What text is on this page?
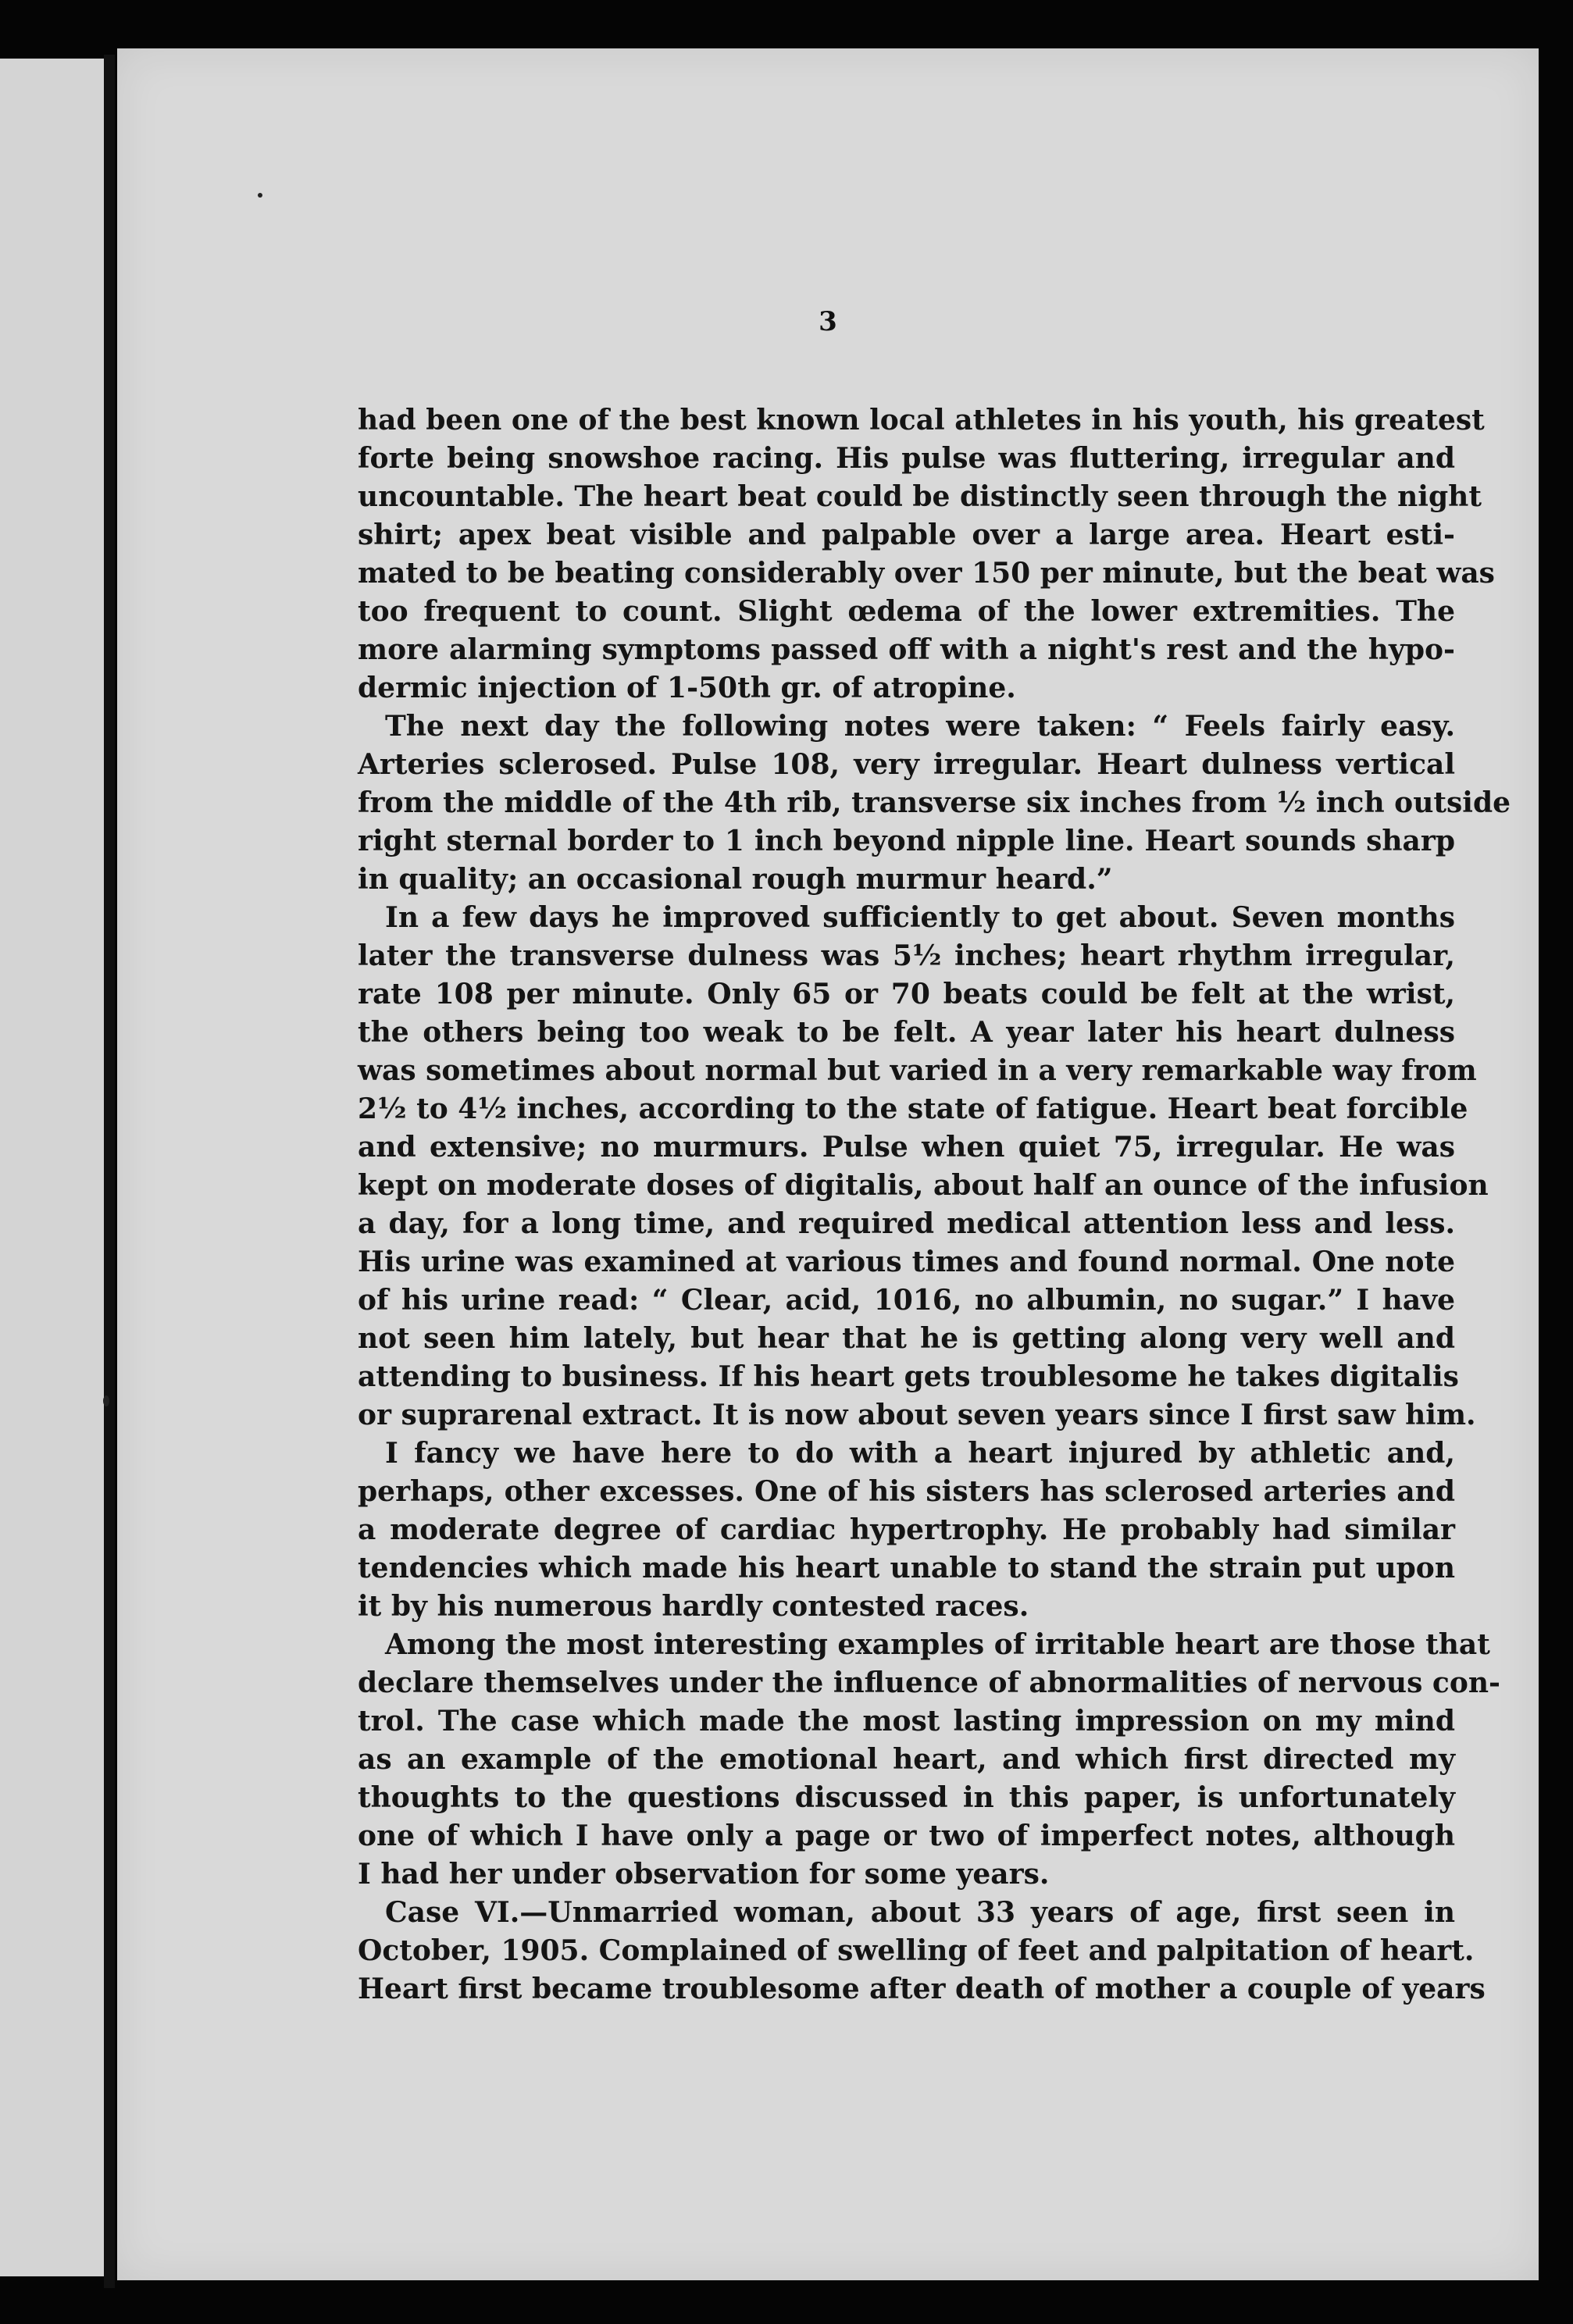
3
had been one of the best known local athletes in his youth, his greatest
forte being snowshoe racing. His pulse was fluttering, irregular and
uncountable. The heart beat could be distinctly seen through the night
shirt; apex beat visible and palpable over a large area. Heart esti-
mated to be beating considerably over 150 per minute, but the beat was
too frequent to count. Slight œdema of the lower extremities. The
more alarming symptoms passed off with a night's rest and the hypo-
dermic injection of 1-50th gr. of atropine.
The next day the following notes were taken: “ Feels fairly easy.
Arteries sclerosed. Pulse 108, very irregular. Heart dulness vertical
from the middle of the 4th rib, transverse six inches from ½ inch outside
right sternal border to 1 inch beyond nipple line. Heart sounds sharp
in quality; an occasional rough murmur heard.”
In a few days he improved sufficiently to get about. Seven months
later the transverse dulness was 5½ inches; heart rhythm irregular,
rate 108 per minute. Only 65 or 70 beats could be felt at the wrist,
the others being too weak to be felt. A year later his heart dulness
was sometimes about normal but varied in a very remarkable way from
2½ to 4½ inches, according to the state of fatigue. Heart beat forcible
and extensive; no murmurs. Pulse when quiet 75, irregular. He was
kept on moderate doses of digitalis, about half an ounce of the infusion
a day, for a long time, and required medical attention less and less.
His urine was examined at various times and found normal. One note
of his urine read: “ Clear, acid, 1016, no albumin, no sugar.” I have
not seen him lately, but hear that he is getting along very well and
attending to business. If his heart gets troublesome he takes digitalis
or suprarenal extract. It is now about seven years since I first saw him.
I fancy we have here to do with a heart injured by athletic and,
perhaps, other excesses. One of his sisters has sclerosed arteries and
a moderate degree of cardiac hypertrophy. He probably had similar
tendencies which made his heart unable to stand the strain put upon
it by his numerous hardly contested races.
Among the most interesting examples of irritable heart are those that
declare themselves under the influence of abnormalities of nervous con-
trol. The case which made the most lasting impression on my mind
as an example of the emotional heart, and which first directed my
thoughts to the questions discussed in this paper, is unfortunately
one of which I have only a page or two of imperfect notes, although
I had her under observation for some years.
Case VI.—Unmarried woman, about 33 years of age, first seen in
October, 1905. Complained of swelling of feet and palpitation of heart.
Heart first became troublesome after death of mother a couple of years
